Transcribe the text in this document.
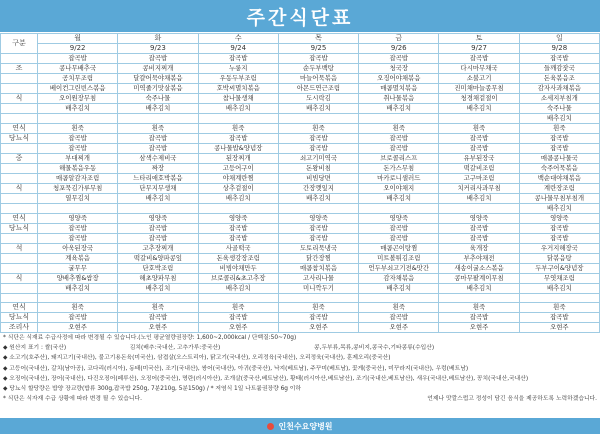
주간식단표
구분	월	화	수	목	금	토	일
	9/22	9/23	9/24	9/25	9/26	9/27	9/28
	잡곡밥	잡곡밥	잡곡밥	잡곡밥	잡곡밥	잡곡밥	잡곡밥
조	콩나무배추국	콩비지찌개	누룽지	순두부백탕	청국장	다시마무채국	들깨감잣국
	공치무조림	달걀어묵야채볶음	우동두부조림	마늘어묵볶음	오징어야채볶음	소불고기	돈육볶음조
	베이컨그린빈스볶음	미역줄기맛살볶음	호박씨멸치볶음	아몬드연근조림	매콤멸치볶음	진미채마늘종무침	감자사과채볶음
식	오이원장무침	숙주나물	참나물생채	도시락김	취나물볶음	청경채겉절이	소세지부침개
	배추김치	배추김치	배추김치	배추김치	배추김치	배추김치	숙주나물
							배추김치
연식	흰죽	흰죽	흰죽	흰죽	흰죽	흰죽	흰죽
당뇨식	잡곡밥	잡곡밥	잡곡밥	잡곡밥	잡곡밥	잡곡밥	잡곡밥
	잡곡밥	잡곡밥	콩나물밥&양념장	잡곡밥	잡곡밥	잡곡밥	잡곡밥
중	부대찌개	삼색수제비국	된장찌개	쇠고기미역국	브로콜리스프	유부된장국	매콤콩나물국
	해물볶음우동	짜장	고등어구이	돈왕비침	돈가스무침	떡갈비조림	숙주어묵볶음
	매콤알감자조림	느타리애호박볶음	야채계란찜	비빔당면	마카로니샐러드	고구마조림	백순대야채볶음
식	청포묵김가루무침	단무지무생채	상추겉절이	간장깻잎지	오이야채지	치커리사과무침	계란장조림
	열무김치	배추김치	배추김치	배추김치	배추김치	배추김치	콩나물무침부침개
							배추김치
연식	영양죽	영양죽	영양죽	영양죽	영양죽	영양죽	영양죽
당뇨식	잡곡밥	잡곡밥	잡곡밥	잡곡밥	잡곡밥	잡곡밥	잡곡밥
	잡곡밥	잡곡밥	잡곡밥	잡곡밥	잡곡밥	잡곡밥	잡곡밥
석	아욱된장국	고추장찌개	사골떡국	도토리묵냉국	매콤곤이탕찜	육개장	우거지해장국
	계육볶음	떡갈비&양파콩잎	돈육생강장조림	닭간장찜	미트볼튀김조림	부추야채전	닭볶음탕
	굴무무	단호박조림	비빔야채만두	매콤참치볶음	언두부쇠고기전&맛간	새송이굴소스볶음	두부구이&양념장
식	양배추찜&쌈장	해초양파무침	브로콜리&초고추장	고사리나물	감자채볶음	콩마무팥계이무침	무엿채조림
	배추김치	배추김치	배추김치	미니깍두기	배추김치	배추김치	배추김치

연식	흰죽	흰죽	흰죽	흰죽	흰죽	흰죽	흰죽
당뇨식	잡곡밥	잡곡밥	잡곡밥	잡곡밥	잡곡밥	잡곡밥	잡곡밥
조리사	오현주	오현주	오현주	오현주	오현주	오현주	오현주
* 식단은 식재료 수급사정에 따라 변경될 수 있습니다.(노인 평균열량권장량: 1,600~2,000kcal / 단백질:50~70g)
◆ 원산지 표기 : 쌀(국산)	김치(배추:국내산, 고추가루:중국산)	콩,두부류,목류,콩비지,콩국수,기타콩류(수입산)
◆ 소고기(호주산), 돼지고기(국내산), 불고기용돈육(미국산), 삼겹살(오스트리아), 닭고기(국내산), 오리정육(국내산), 오리정육(국내산), 훈제오리(중국산)
◆ 고등어(국내산), 갈치(남아공), 코다리(러시아), 동태(미국산), 조기(국내산), 쌍어(국내산), 아귀(중국산), 낙지(베트남), 주꾸미(베트남), 꽃게(중국산), 미꾸라지(국내산), 우렁(베트남)
◆ 오징어(국내산), 장어(국내산), 다진오징어(페루산), 오징어(중국산), 명란(러시아산), 조개살(중국산,베트남산), 황태(러시아산,베트남산), 조기(국내산,베트남산), 새우(국내산,베트남산), 꽁치(국내산,국내산)
◆ 당뇨식 할당량은 밥양 장교량(밥류 300g,잡곡밥 250g, 7분210g, 5분150g) / * 저염식 1일 나트륨권장량 6g 이하
* 식단은 식자재 수급 상황에 따라 변경 될 수 있습니다.	언제나 맛깔스럽고 정성이 담긴 음식을 제공하도록 노력하겠습니다.
인천수요양병원
